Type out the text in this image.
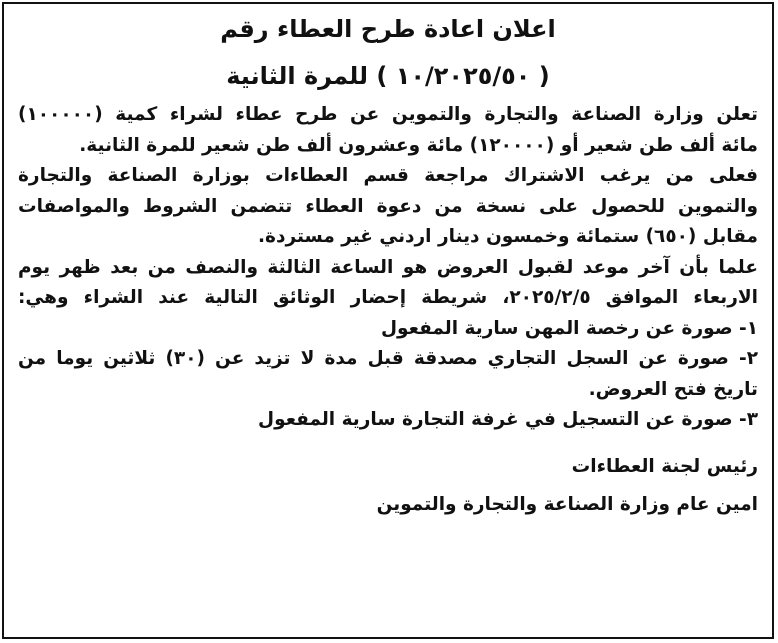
اعلان اعادة طرح العطاء رقم

( ١٠/٢٠٢٥/٥٠ ) للمرة الثانية

تعلن وزارة الصناعة والتجارة والتموين عن طرح عطاء لشراء كمية (١٠٠٠٠٠)

مائة ألف طن شعير أو (١٢٠٠٠٠) مائة وعشرون ألف طن شعير للمرة الثانية.

فعلى من يرغب الاشتراك مراجعة قسم العطاءات بوزارة الصناعة والتجارة

والتموين للحصول على نسخة من دعوة العطاء تتضمن الشروط والمواصفات

مقابل (٦٥٠) ستمائة وخمسون دينار اردني غير مستردة.

علما بأن آخر موعد لقبول العروض هو الساعة الثالثة والنصف من بعد ظهر يوم

الاربعاء الموافق ٢٠٢٥/٢/٥، شريطة إحضار الوثائق التالية عند الشراء وهي:

١- صورة عن رخصة المهن سارية المفعول

٢- صورة عن السجل التجاري مصدقة قبل مدة لا تزيد عن (٣٠) ثلاثين يوما من

تاريخ فتح العروض.

٣- صورة عن التسجيل في غرفة التجارة سارية المفعول

رئيس لجنة العطاءات

امين عام وزارة الصناعة والتجارة والتموين
